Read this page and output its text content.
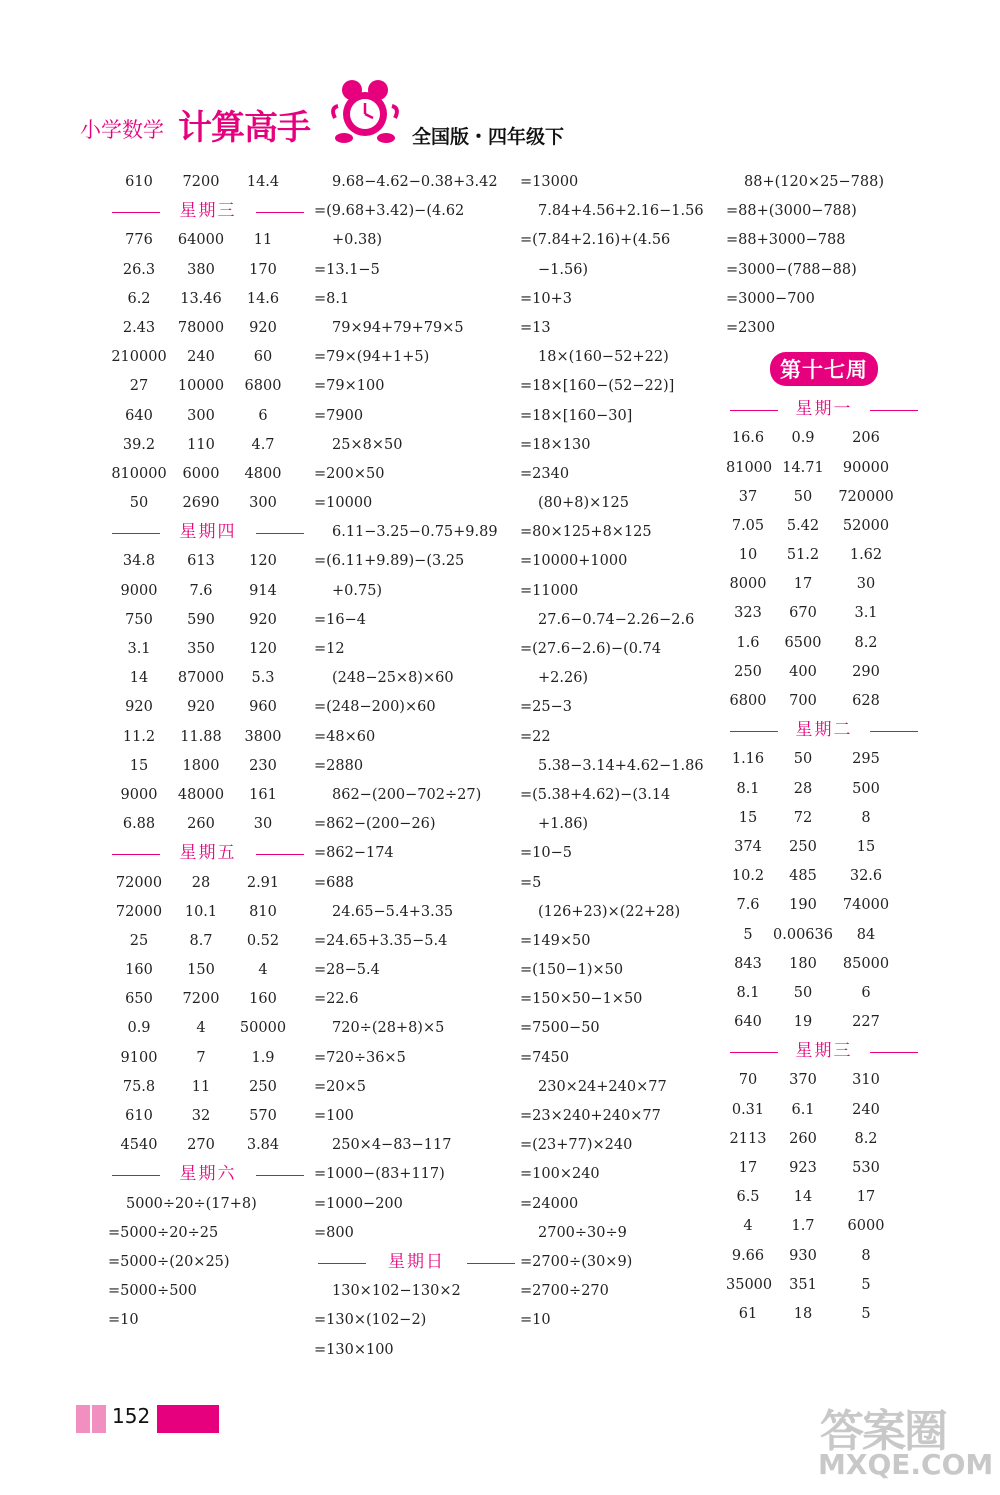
小学数学 计算高手	全国版・四年级下
610	7200	14.4
星期三
776	64000	11
26.3	380	170
6.2	13.46	14.6
2.43	78000	920
210000	240	60
27	10000	6800
640	300	6
39.2	110	4.7
810000	6000	4800
50	2690	300
星期四
34.8	613	120
9000	7.6	914
750	590	920
3.1	350	120
14	87000	5.3
920	920	960
11.2	11.88	3800
15	1800	230
9000	48000	161
6.88	260	30
星期五
72000	28	2.91
72000	10.1	810
25	8.7	0.52
160	150	4
650	7200	160
0.9	4	50000
9100	7	1.9
75.8	11	250
610	32	570
4540	270	3.84
星期六
5000÷20÷(17+8)
=5000÷20÷25
=5000÷(20×25)
=5000÷500
=10
9.68−4.62−0.38+3.42
=(9.68+3.42)−(4.62
+0.38)
=13.1−5
=8.1
79×94+79+79×5
=79×(94+1+5)
=79×100
=7900
25×8×50
=200×50
=10000
6.11−3.25−0.75+9.89
=(6.11+9.89)−(3.25
+0.75)
=16−4
=12
(248−25×8)×60
=(248−200)×60
=48×60
=2880
862−(200−702÷27)
=862−(200−26)
=862−174
=688
24.65−5.4+3.35
=24.65+3.35−5.4
=28−5.4
=22.6
720÷(28+8)×5
=720÷36×5
=20×5
=100
250×4−83−117
=1000−(83+117)
=1000−200
=800
星期日
130×102−130×2
=130×(102−2)
=130×100
=13000
7.84+4.56+2.16−1.56
=(7.84+2.16)+(4.56
−1.56)
=10+3
=13
18×(160−52+22)
=18×[160−(52−22)]
=18×[160−30]
=18×130
=2340
(80+8)×125
=80×125+8×125
=10000+1000
=11000
27.6−0.74−2.26−2.6
=(27.6−2.6)−(0.74
+2.26)
=25−3
=22
5.38−3.14+4.62−1.86
=(5.38+4.62)−(3.14
+1.86)
=10−5
=5
(126+23)×(22+28)
=149×50
=(150−1)×50
=150×50−1×50
=7500−50
=7450
230×24+240×77
=23×240+240×77
=(23+77)×240
=100×240
=24000
2700÷30÷9
=2700÷(30×9)
=2700÷270
=10
88+(120×25−788)
=88+(3000−788)
=88+3000−788
=3000−(788−88)
=3000−700
=2300
第十七周
星期一
16.6	0.9	206
81000 14.71	90000
37	50	720000
7.05	5.42	52000
10	51.2	1.62
8000	17	30
323	670	3.1
1.6	6500	8.2
250	400	290
6800	700	628
星期二
1.16	50	295
8.1	28	500
15	72	8
374	250	15
10.2	485	32.6
7.6	190	74000
5	0.00636	84
843	180	85000
8.1	50	6
640	19	227
星期三
70	370	310
0.31	6.1	240
2113	260	8.2
17	923	530
6.5	14	17
4	1.7	6000
9.66	930	8
35000	351	5
61	18	5
152	答案圈
MXQE.COM
